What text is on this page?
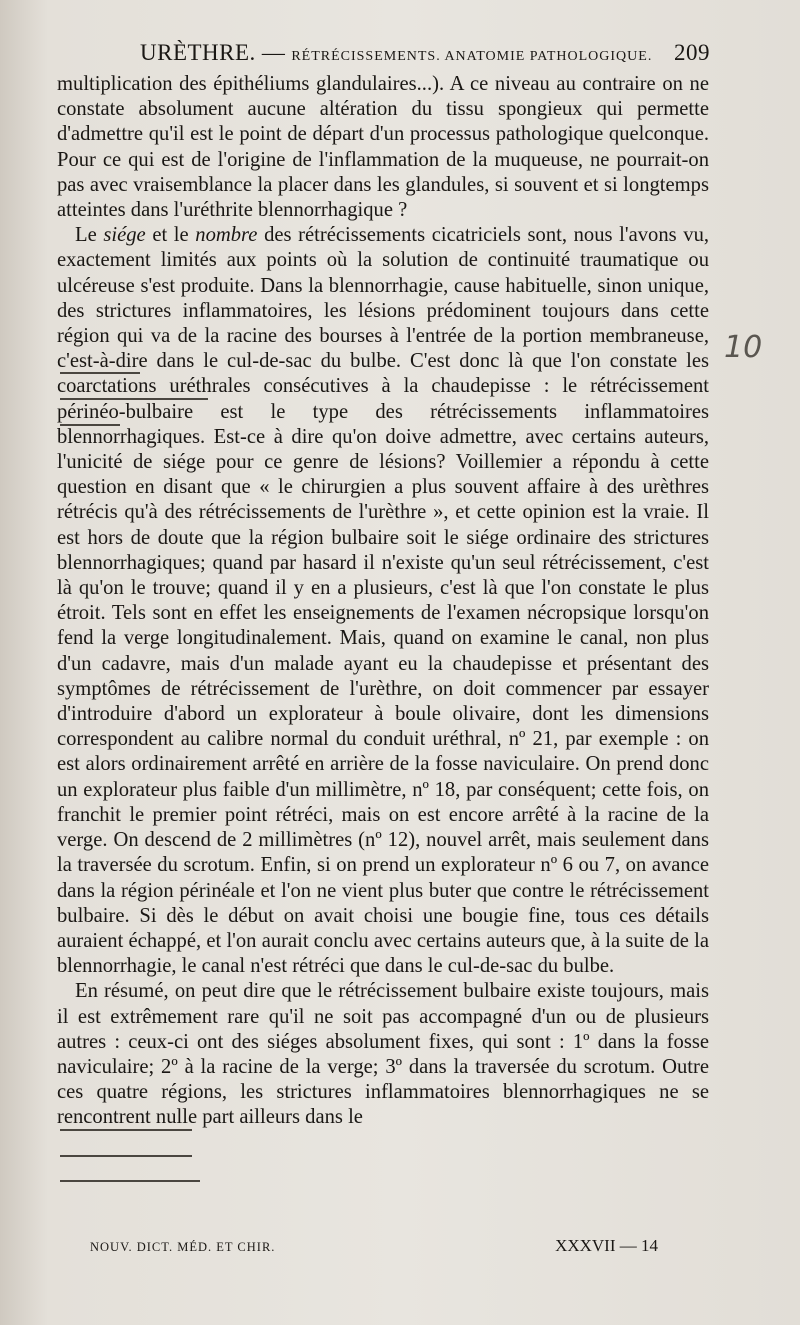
URÈTHRE. — RÉTRÉCISSEMENTS. ANATOMIE PATHOLOGIQUE. 209

multiplication des épithéliums glandulaires...). A ce niveau au contraire on ne constate absolument aucune altération du tissu spongieux qui permette d'admettre qu'il est le point de départ d'un processus pathologique quelconque. Pour ce qui est de l'origine de l'inflammation de la muqueuse, ne pourrait-on pas avec vraisemblance la placer dans les glandules, si souvent et si longtemps atteintes dans l'uréthrite blennorrhagique ?

Le siége et le nombre des rétrécissements cicatriciels sont, nous l'avons vu, exactement limités aux points où la solution de continuité traumatique ou ulcéreuse s'est produite. Dans la blennorrhagie, cause habituelle, sinon unique, des strictures inflammatoires, les lésions prédominent toujours dans cette région qui va de la racine des bourses à l'entrée de la portion membraneuse, c'est-à-dire dans le cul-de-sac du bulbe. C'est donc là que l'on constate les coarctations uréthrales consécutives à la chaudepisse : le rétrécissement périnéo-bulbaire est le type des rétrécissements inflammatoires blennorrhagiques. Est-ce à dire qu'on doive admettre, avec certains auteurs, l'unicité de siége pour ce genre de lésions? Voillemier a répondu à cette question en disant que « le chirurgien a plus souvent affaire à des urèthres rétrécis qu'à des rétrécissements de l'urèthre », et cette opinion est la vraie. Il est hors de doute que la région bulbaire soit le siége ordinaire des strictures blennorrhagiques; quand par hasard il n'existe qu'un seul rétrécissement, c'est là qu'on le trouve; quand il y en a plusieurs, c'est là que l'on constate le plus étroit. Tels sont en effet les enseignements de l'examen nécropsique lorsqu'on fend la verge longitudinalement. Mais, quand on examine le canal, non plus d'un cadavre, mais d'un malade ayant eu la chaudepisse et présentant des symptômes de rétrécissement de l'urèthre, on doit commencer par essayer d'introduire d'abord un explorateur à boule olivaire, dont les dimensions correspondent au calibre normal du conduit uréthral, nº 21, par exemple : on est alors ordinairement arrêté en arrière de la fosse naviculaire. On prend donc un explorateur plus faible d'un millimètre, nº 18, par conséquent; cette fois, on franchit le premier point rétréci, mais on est encore arrêté à la racine de la verge. On descend de 2 millimètres (nº 12), nouvel arrêt, mais seulement dans la traversée du scrotum. Enfin, si on prend un explorateur nº 6 ou 7, on avance dans la région périnéale et l'on ne vient plus buter que contre le rétrécissement bulbaire. Si dès le début on avait choisi une bougie fine, tous ces détails auraient échappé, et l'on aurait conclu avec certains auteurs que, à la suite de la blennorrhagie, le canal n'est rétréci que dans le cul-de-sac du bulbe.

En résumé, on peut dire que le rétrécissement bulbaire existe toujours, mais il est extrêmement rare qu'il ne soit pas accompagné d'un ou de plusieurs autres : ceux-ci ont des siéges absolument fixes, qui sont : 1º dans la fosse naviculaire; 2º à la racine de la verge; 3º dans la traversée du scrotum. Outre ces quatre régions, les strictures inflammatoires blennorrhagiques ne se rencontrent nulle part ailleurs dans le

NOUV. DICT. MÉD. ET CHIR.	XXXVII — 14
10
